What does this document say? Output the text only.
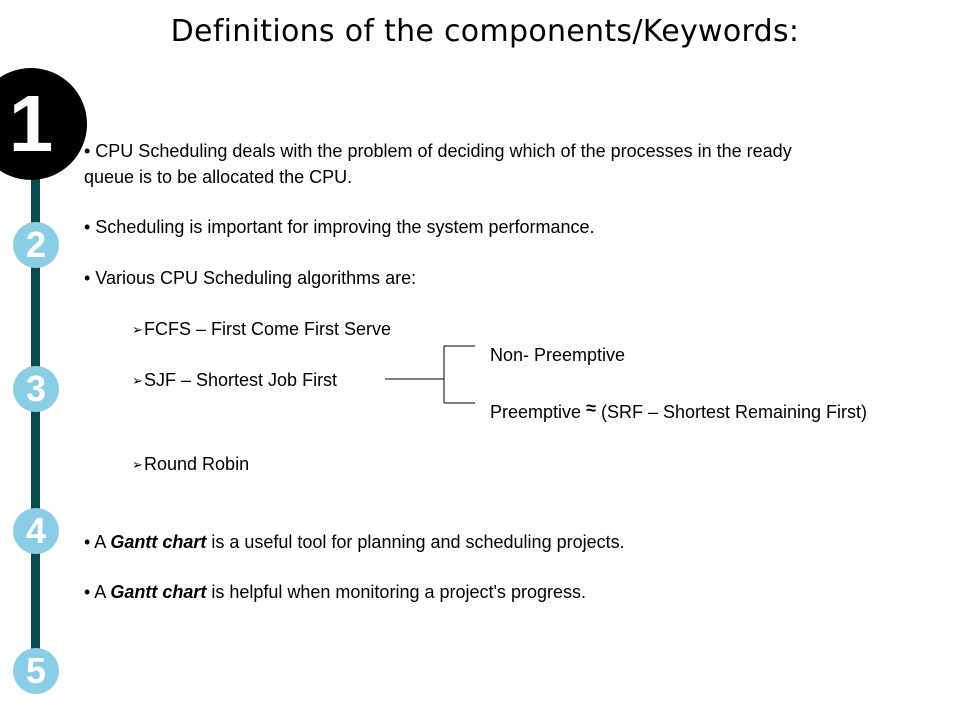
Definitions of the components/Keywords:
1
2
3
4
5
• CPU Scheduling deals with the problem of deciding which of the processes in the ready
queue is to be allocated the CPU.
• Scheduling is important for improving the system performance.
• Various CPU Scheduling algorithms are:
➢FCFS – First Come First Serve
➢SJF – Shortest Job First
➢Round Robin
Non- Preemptive
Preemptive ≈ (SRF – Shortest Remaining First)
• A Gantt chart is a useful tool for planning and scheduling projects.
• A Gantt chart is helpful when monitoring a project's progress.
